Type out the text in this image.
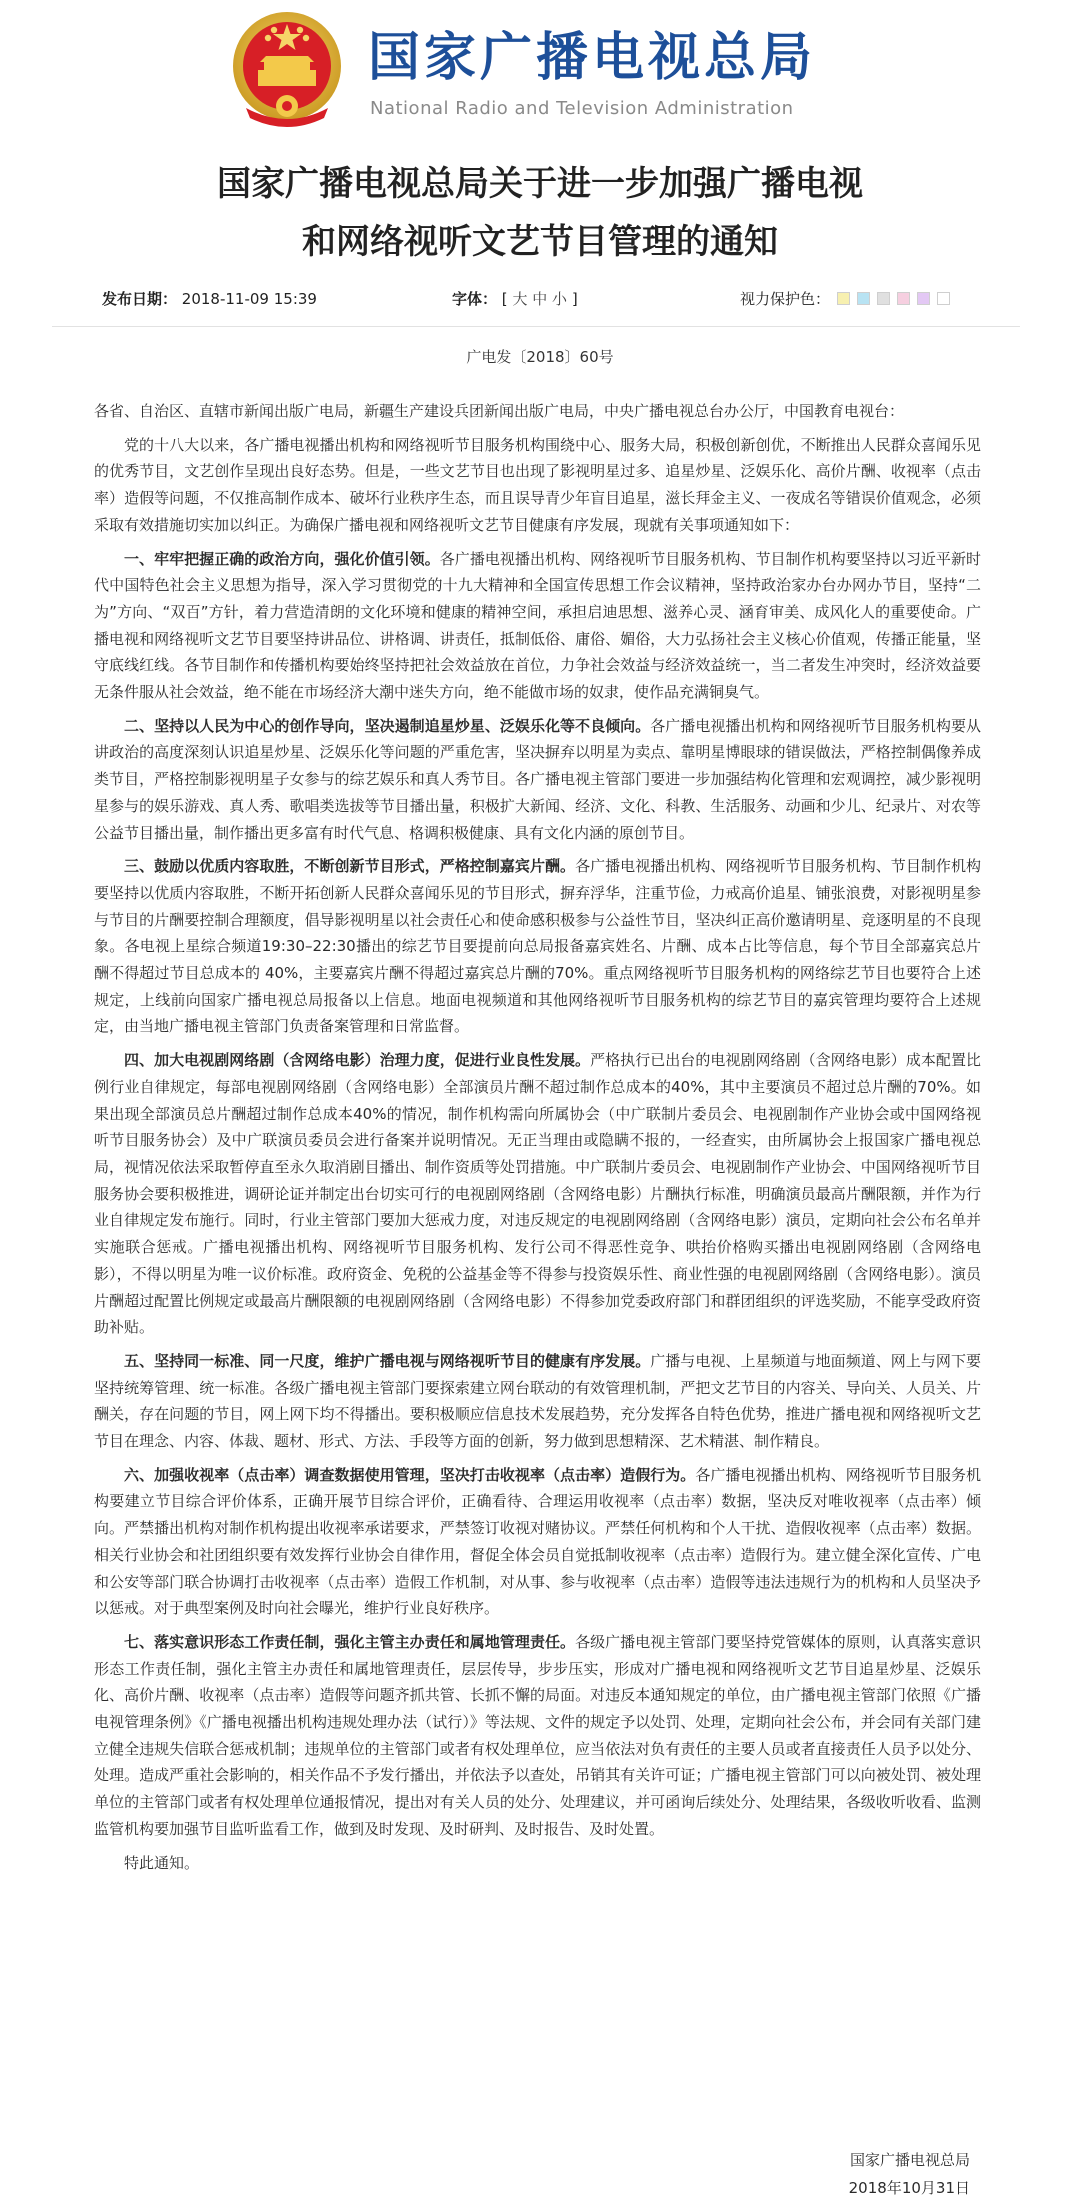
国家广播电视总局
National Radio and Television Administration
国家广播电视总局关于进一步加强广播电视
和网络视听文艺节目管理的通知
发布日期： 2018-11-09 15:39	字体： [ 大 中 小 ]	视力保护色：
广电发〔2018〕60号

各省、自治区、直辖市新闻出版广电局，新疆生产建设兵团新闻出版广电局，中央广播电视总台办公厅，中国教育电视台：

党的十八大以来，各广播电视播出机构和网络视听节目服务机构围绕中心、服务大局，积极创新创优，不断推出人民群众喜闻乐见的优秀节目，文艺创作呈现出良好态势。但是，一些文艺节目也出现了影视明星过多、追星炒星、泛娱乐化、高价片酬、收视率（点击率）造假等问题，不仅推高制作成本、破坏行业秩序生态，而且误导青少年盲目追星，滋长拜金主义、一夜成名等错误价值观念，必须采取有效措施切实加以纠正。为确保广播电视和网络视听文艺节目健康有序发展，现就有关事项通知如下：

一、牢牢把握正确的政治方向，强化价值引领。各广播电视播出机构、网络视听节目服务机构、节目制作机构要坚持以习近平新时代中国特色社会主义思想为指导，深入学习贯彻党的十九大精神和全国宣传思想工作会议精神，坚持政治家办台办网办节目，坚持“二为”方向、“双百”方针，着力营造清朗的文化环境和健康的精神空间，承担启迪思想、滋养心灵、涵育审美、成风化人的重要使命。广播电视和网络视听文艺节目要坚持讲品位、讲格调、讲责任，抵制低俗、庸俗、媚俗，大力弘扬社会主义核心价值观，传播正能量，坚守底线红线。各节目制作和传播机构要始终坚持把社会效益放在首位，力争社会效益与经济效益统一，当二者发生冲突时，经济效益要无条件服从社会效益，绝不能在市场经济大潮中迷失方向，绝不能做市场的奴隶，使作品充满铜臭气。

二、坚持以人民为中心的创作导向，坚决遏制追星炒星、泛娱乐化等不良倾向。各广播电视播出机构和网络视听节目服务机构要从讲政治的高度深刻认识追星炒星、泛娱乐化等问题的严重危害，坚决摒弃以明星为卖点、靠明星博眼球的错误做法，严格控制偶像养成类节目，严格控制影视明星子女参与的综艺娱乐和真人秀节目。各广播电视主管部门要进一步加强结构化管理和宏观调控，减少影视明星参与的娱乐游戏、真人秀、歌唱类选拔等节目播出量，积极扩大新闻、经济、文化、科教、生活服务、动画和少儿、纪录片、对农等公益节目播出量，制作播出更多富有时代气息、格调积极健康、具有文化内涵的原创节目。

三、鼓励以优质内容取胜，不断创新节目形式，严格控制嘉宾片酬。各广播电视播出机构、网络视听节目服务机构、节目制作机构要坚持以优质内容取胜，不断开拓创新人民群众喜闻乐见的节目形式，摒弃浮华，注重节俭，力戒高价追星、铺张浪费，对影视明星参与节目的片酬要控制合理额度，倡导影视明星以社会责任心和使命感积极参与公益性节目，坚决纠正高价邀请明星、竞逐明星的不良现象。各电视上星综合频道19:30–22:30播出的综艺节目要提前向总局报备嘉宾姓名、片酬、成本占比等信息，每个节目全部嘉宾总片酬不得超过节目总成本的 40%，主要嘉宾片酬不得超过嘉宾总片酬的70%。重点网络视听节目服务机构的网络综艺节目也要符合上述规定，上线前向国家广播电视总局报备以上信息。地面电视频道和其他网络视听节目服务机构的综艺节目的嘉宾管理均要符合上述规定，由当地广播电视主管部门负责备案管理和日常监督。

四、加大电视剧网络剧（含网络电影）治理力度，促进行业良性发展。严格执行已出台的电视剧网络剧（含网络电影）成本配置比例行业自律规定，每部电视剧网络剧（含网络电影）全部演员片酬不超过制作总成本的40%，其中主要演员不超过总片酬的70%。如果出现全部演员总片酬超过制作总成本40%的情况，制作机构需向所属协会（中广联制片委员会、电视剧制作产业协会或中国网络视听节目服务协会）及中广联演员委员会进行备案并说明情况。无正当理由或隐瞒不报的，一经查实，由所属协会上报国家广播电视总局，视情况依法采取暂停直至永久取消剧目播出、制作资质等处罚措施。中广联制片委员会、电视剧制作产业协会、中国网络视听节目服务协会要积极推进，调研论证并制定出台切实可行的电视剧网络剧（含网络电影）片酬执行标准，明确演员最高片酬限额，并作为行业自律规定发布施行。同时，行业主管部门要加大惩戒力度，对违反规定的电视剧网络剧（含网络电影）演员，定期向社会公布名单并实施联合惩戒。广播电视播出机构、网络视听节目服务机构、发行公司不得恶性竞争、哄抬价格购买播出电视剧网络剧（含网络电影），不得以明星为唯一议价标准。政府资金、免税的公益基金等不得参与投资娱乐性、商业性强的电视剧网络剧（含网络电影）。演员片酬超过配置比例规定或最高片酬限额的电视剧网络剧（含网络电影）不得参加党委政府部门和群团组织的评选奖励，不能享受政府资助补贴。

五、坚持同一标准、同一尺度，维护广播电视与网络视听节目的健康有序发展。广播与电视、上星频道与地面频道、网上与网下要坚持统筹管理、统一标准。各级广播电视主管部门要探索建立网台联动的有效管理机制，严把文艺节目的内容关、导向关、人员关、片酬关，存在问题的节目，网上网下均不得播出。要积极顺应信息技术发展趋势，充分发挥各自特色优势，推进广播电视和网络视听文艺节目在理念、内容、体裁、题材、形式、方法、手段等方面的创新，努力做到思想精深、艺术精湛、制作精良。

六、加强收视率（点击率）调查数据使用管理，坚决打击收视率（点击率）造假行为。各广播电视播出机构、网络视听节目服务机构要建立节目综合评价体系，正确开展节目综合评价，正确看待、合理运用收视率（点击率）数据，坚决反对唯收视率（点击率）倾向。严禁播出机构对制作机构提出收视率承诺要求，严禁签订收视对赌协议。严禁任何机构和个人干扰、造假收视率（点击率）数据。相关行业协会和社团组织要有效发挥行业协会自律作用，督促全体会员自觉抵制收视率（点击率）造假行为。建立健全深化宣传、广电和公安等部门联合协调打击收视率（点击率）造假工作机制，对从事、参与收视率（点击率）造假等违法违规行为的机构和人员坚决予以惩戒。对于典型案例及时向社会曝光，维护行业良好秩序。

七、落实意识形态工作责任制，强化主管主办责任和属地管理责任。各级广播电视主管部门要坚持党管媒体的原则，认真落实意识形态工作责任制，强化主管主办责任和属地管理责任，层层传导，步步压实，形成对广播电视和网络视听文艺节目追星炒星、泛娱乐化、高价片酬、收视率（点击率）造假等问题齐抓共管、长抓不懈的局面。对违反本通知规定的单位，由广播电视主管部门依照《广播电视管理条例》《广播电视播出机构违规处理办法（试行）》等法规、文件的规定予以处罚、处理，定期向社会公布，并会同有关部门建立健全违规失信联合惩戒机制；违规单位的主管部门或者有权处理单位，应当依法对负有责任的主要人员或者直接责任人员予以处分、处理。造成严重社会影响的，相关作品不予发行播出，并依法予以查处，吊销其有关许可证；广播电视主管部门可以向被处罚、被处理单位的主管部门或者有权处理单位通报情况，提出对有关人员的处分、处理建议，并可函询后续处分、处理结果，各级收听收看、监测监管机构要加强节目监听监看工作，做到及时发现、及时研判、及时报告、及时处置。

特此通知。

国家广播电视总局
2018年10月31日
